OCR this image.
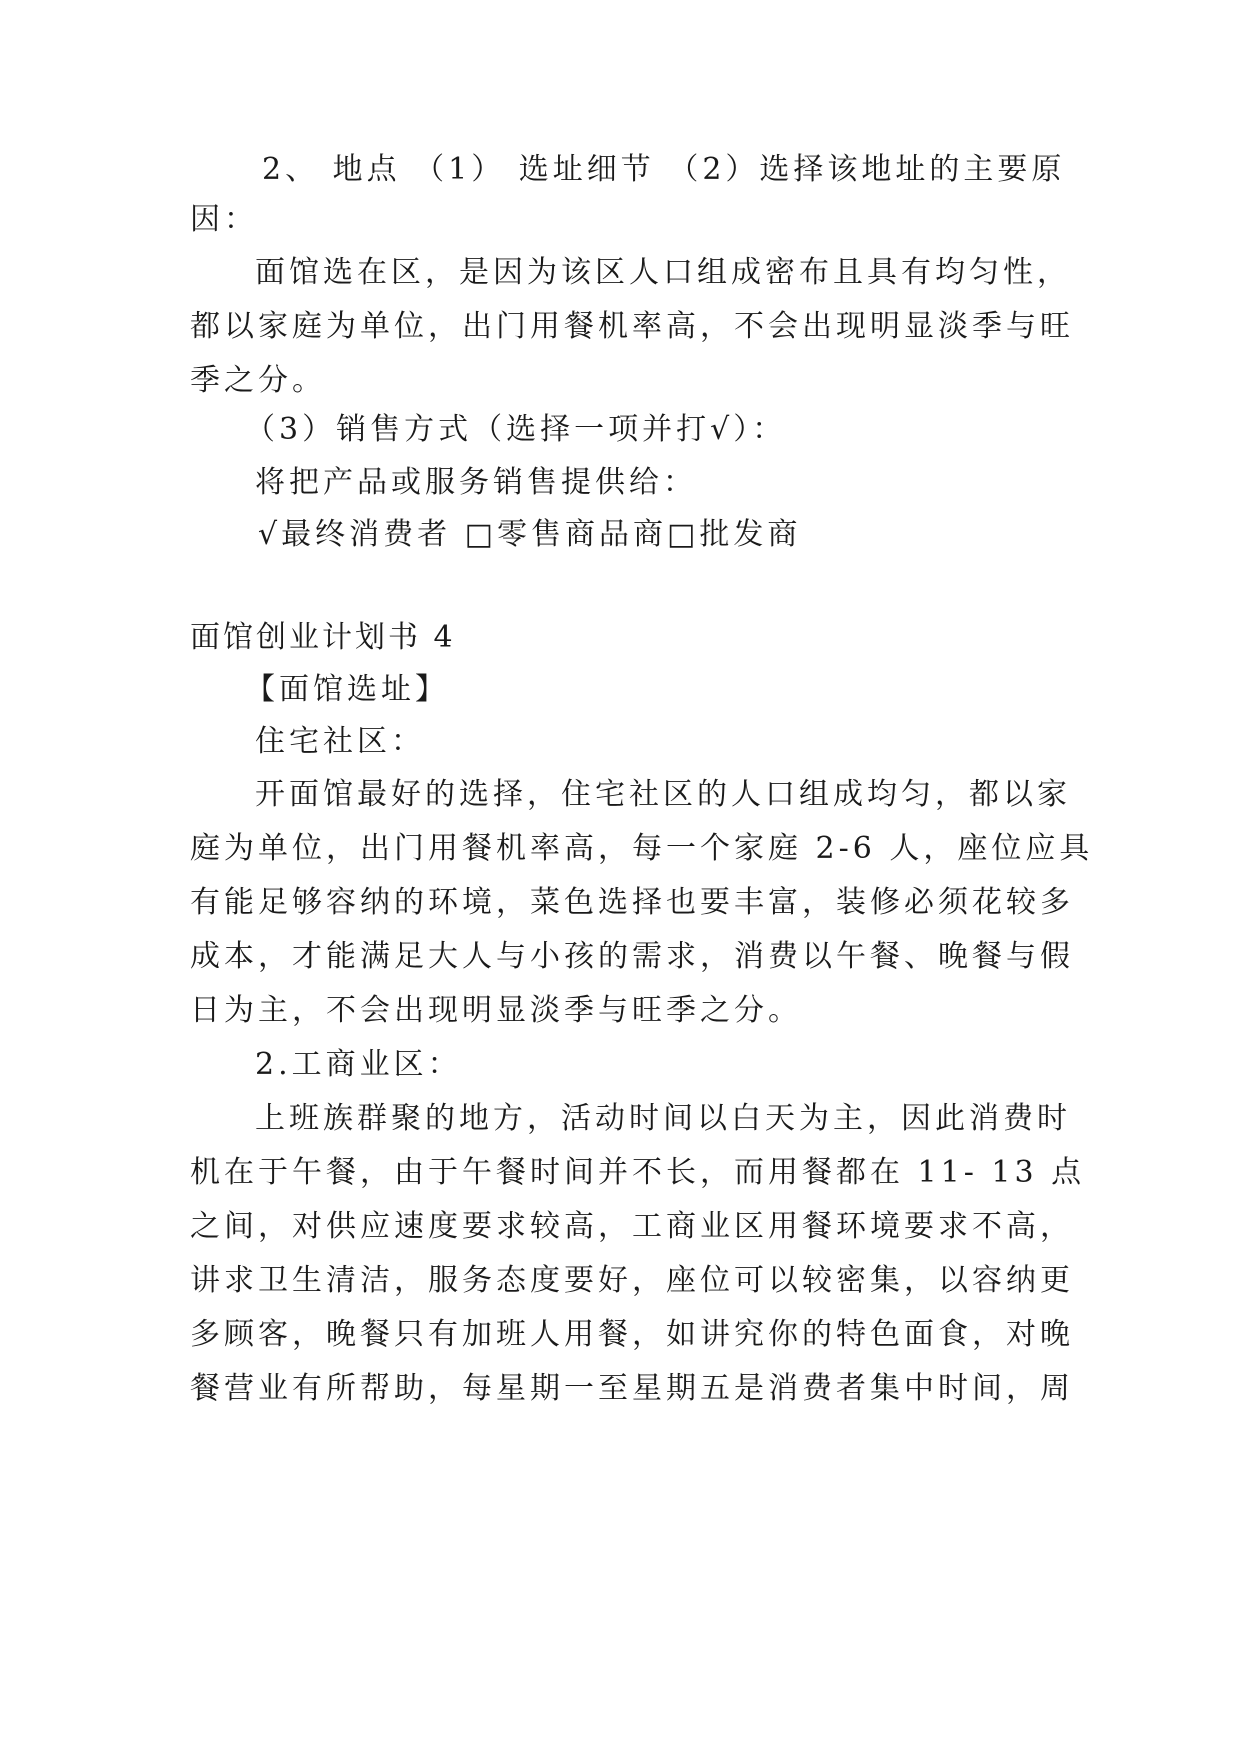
2、 地点 （1） 选址细节 （2）选择该地址的主要原
因：
面馆选在区，是因为该区人口组成密布且具有均匀性，
都以家庭为单位，出门用餐机率高，不会出现明显淡季与旺
季之分。
（3）销售方式（选择一项并打√）：
将把产品或服务销售提供给：
√最终消费者 □零售商品商□批发商
面馆创业计划书 4
【面馆选址】
住宅社区：
开面馆最好的选择，住宅社区的人口组成均匀，都以家
庭为单位，出门用餐机率高，每一个家庭 2-6 人，座位应具
有能足够容纳的环境，菜色选择也要丰富，装修必须花较多
成本，才能满足大人与小孩的需求，消费以午餐、晚餐与假
日为主，不会出现明显淡季与旺季之分。
2.工商业区：
上班族群聚的地方，活动时间以白天为主，因此消费时
机在于午餐，由于午餐时间并不长，而用餐都在 11- 13 点
之间，对供应速度要求较高，工商业区用餐环境要求不高，
讲求卫生清洁，服务态度要好，座位可以较密集，以容纳更
多顾客，晚餐只有加班人用餐，如讲究你的特色面食，对晚
餐营业有所帮助，每星期一至星期五是消费者集中时间，周
